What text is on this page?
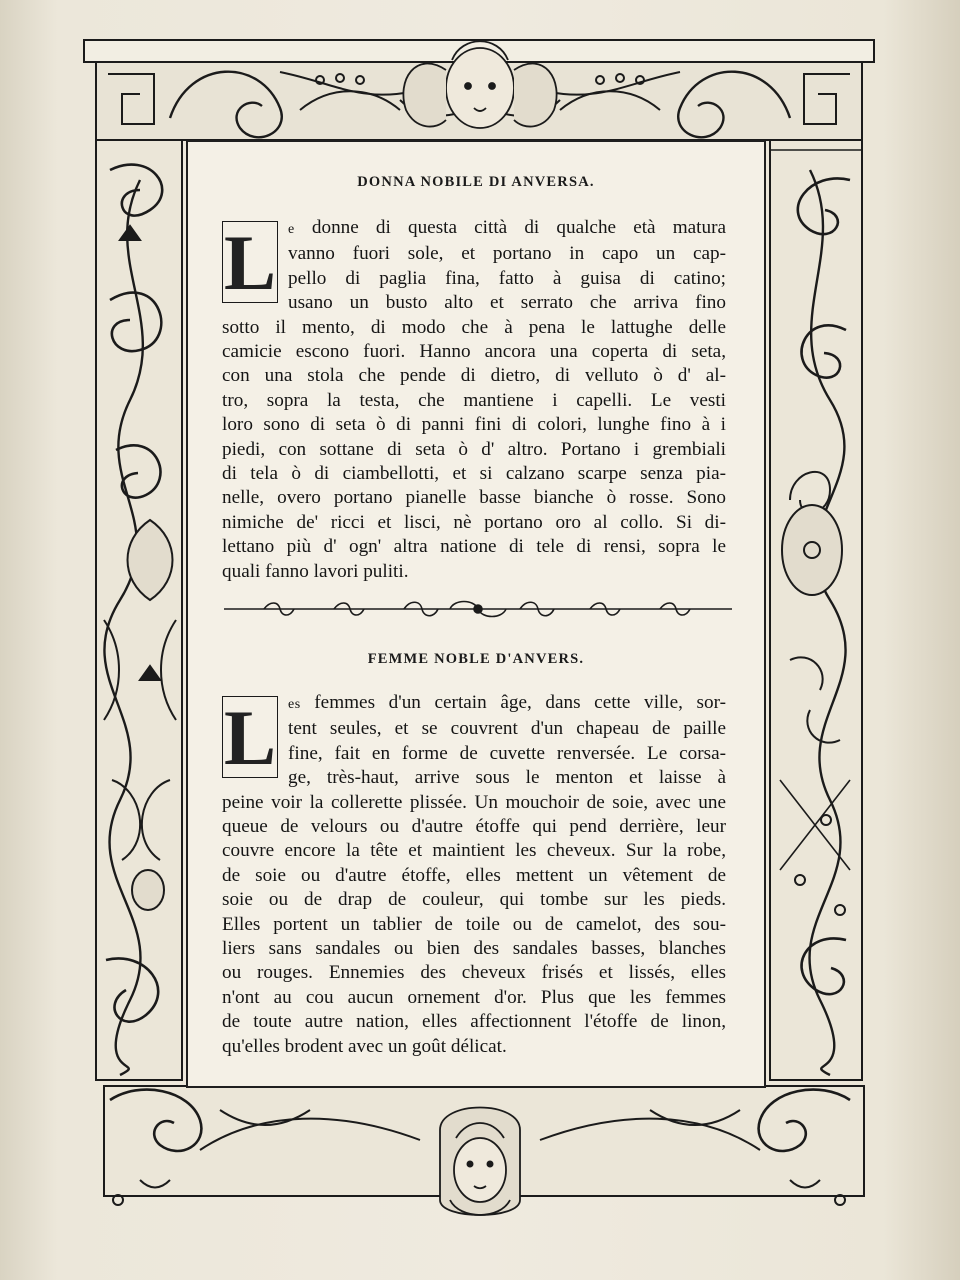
DONNA NOBILE DI ANVERSA.
L e donne di questa città di qualche età matura
vanno fuori sole, et portano in capo un cap-
pello di paglia fina, fatto à guisa di catino;
usano un busto alto et serrato che arriva fino
sotto il mento, di modo che à pena le lattughe delle
camicie escono fuori. Hanno ancora una coperta di seta,
con una stola che pende di dietro, di velluto ò d' al-
tro, sopra la testa, che mantiene i capelli. Le vesti
loro sono di seta ò di panni fini di colori, lunghe fino à i
piedi, con sottane di seta ò d' altro. Portano i grembiali
di tela ò di ciambellotti, et si calzano scarpe senza pia-
nelle, overo portano pianelle basse bianche ò rosse. Sono
nimiche de' ricci et lisci, nè portano oro al collo. Si di-
lettano più d' ogn' altra natione di tele di rensi, sopra le
quali fanno lavori puliti.
FEMME NOBLE D'ANVERS.
L es femmes d'un certain âge, dans cette ville, sor-
tent seules, et se couvrent d'un chapeau de paille
fine, fait en forme de cuvette renversée. Le corsa-
ge, très-haut, arrive sous le menton et laisse à
peine voir la collerette plissée. Un mouchoir de soie, avec une
queue de velours ou d'autre étoffe qui pend derrière, leur
couvre encore la tête et maintient les cheveux. Sur la robe,
de soie ou d'autre étoffe, elles mettent un vêtement de
soie ou de drap de couleur, qui tombe sur les pieds.
Elles portent un tablier de toile ou de camelot, des sou-
liers sans sandales ou bien des sandales basses, blanches
ou rouges. Ennemies des cheveux frisés et lissés, elles
n'ont au cou aucun ornement d'or. Plus que les femmes
de toute autre nation, elles affectionnent l'étoffe de linon,
qu'elles brodent avec un goût délicat.
